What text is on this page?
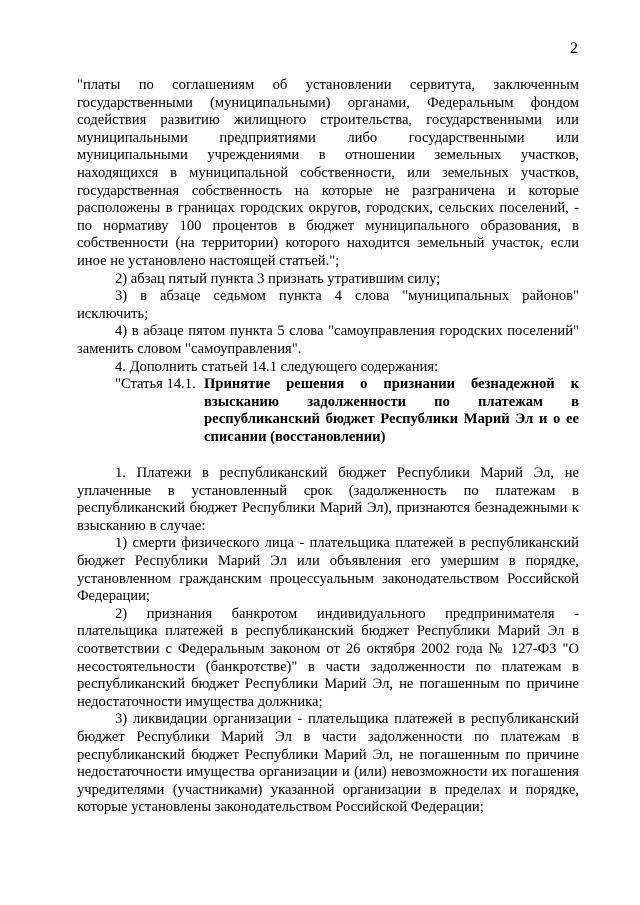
2

"платы по соглашениям об установлении сервитута, заключенным государственными (муниципальными) органами, Федеральным фондом содействия развитию жилищного строительства, государственными или муниципальными предприятиями либо государственными или муниципальными учреждениями в отношении земельных участков, находящихся в муниципальной собственности, или земельных участков, государственная собственность на которые не разграничена и которые расположены в границах городских округов, городских, сельских поселений, - по нормативу 100 процентов в бюджет муниципального образования, в собственности (на территории) которого находится земельный участок, если иное не установлено настоящей статьей.";

2) абзац пятый пункта 3 признать утратившим силу;

3) в абзаце седьмом пункта 4 слова "муниципальных районов" исключить;

4) в абзаце пятом пункта 5 слова "самоуправления городских поселений" заменить словом "самоуправления".

4. Дополнить статьей 14.1 следующего содержания:

"Статья 14.1. Принятие решения о признании безнадежной к взысканию задолженности по платежам в республиканский бюджет Республики Марий Эл и о ее списании (восстановлении)

1. Платежи в республиканский бюджет Республики Марий Эл, не уплаченные в установленный срок (задолженность по платежам в республиканский бюджет Республики Марий Эл), признаются безнадежными к взысканию в случае:

1) смерти физического лица - плательщика платежей в республиканский бюджет Республики Марий Эл или объявления его умершим в порядке, установленном гражданским процессуальным законодательством Российской Федерации;

2) признания банкротом индивидуального предпринимателя - плательщика платежей в республиканский бюджет Республики Марий Эл в соответствии с Федеральным законом от 26 октября 2002 года № 127-ФЗ "О несостоятельности (банкротстве)" в части задолженности по платежам в республиканский бюджет Республики Марий Эл, не погашенным по причине недостаточности имущества должника;

3) ликвидации организации - плательщика платежей в республиканский бюджет Республики Марий Эл в части задолженности по платежам в республиканский бюджет Республики Марий Эл, не погашенным по причине недостаточности имущества организации и (или) невозможности их погашения учредителями (участниками) указанной организации в пределах и порядке, которые установлены законодательством Российской Федерации;
